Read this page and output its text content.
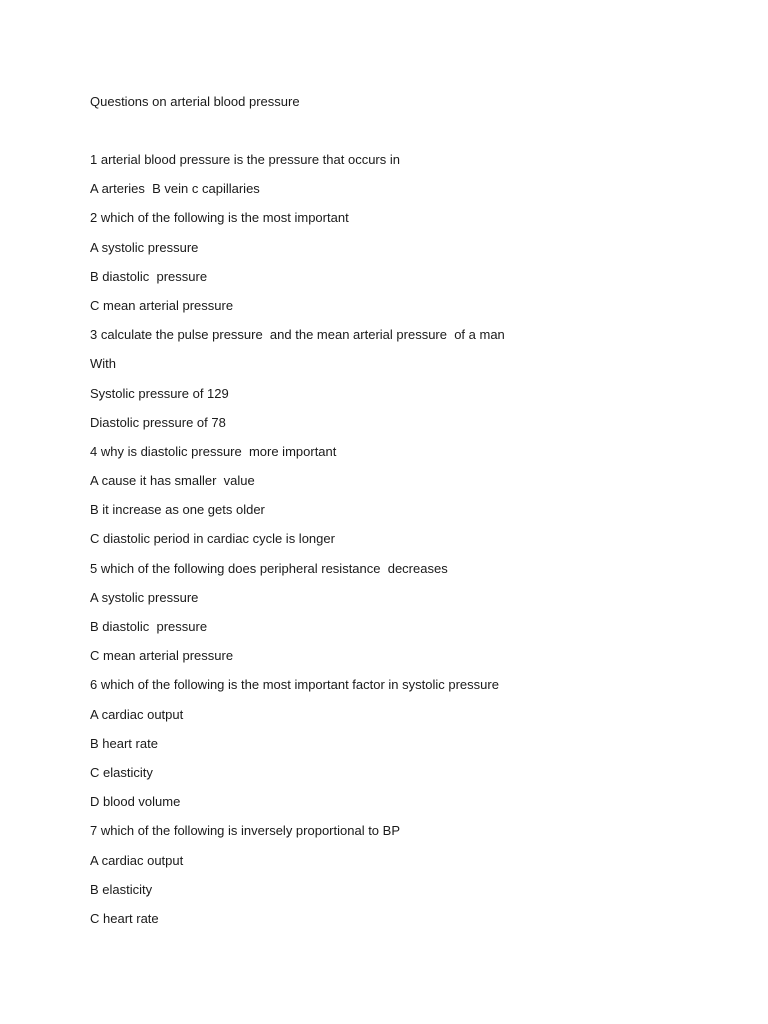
Questions on arterial blood pressure

1 arterial blood pressure is the pressure that occurs in
A arteries  B vein c capillaries
2 which of the following is the most important
A systolic pressure
B diastolic  pressure
C mean arterial pressure
3 calculate the pulse pressure  and the mean arterial pressure  of a man
With
Systolic pressure of 129
Diastolic pressure of 78
4 why is diastolic pressure  more important
A cause it has smaller  value
B it increase as one gets older
C diastolic period in cardiac cycle is longer
5 which of the following does peripheral resistance  decreases
A systolic pressure
B diastolic  pressure
C mean arterial pressure
6 which of the following is the most important factor in systolic pressure
A cardiac output
B heart rate
C elasticity
D blood volume
7 which of the following is inversely proportional to BP
A cardiac output
B elasticity
C heart rate
